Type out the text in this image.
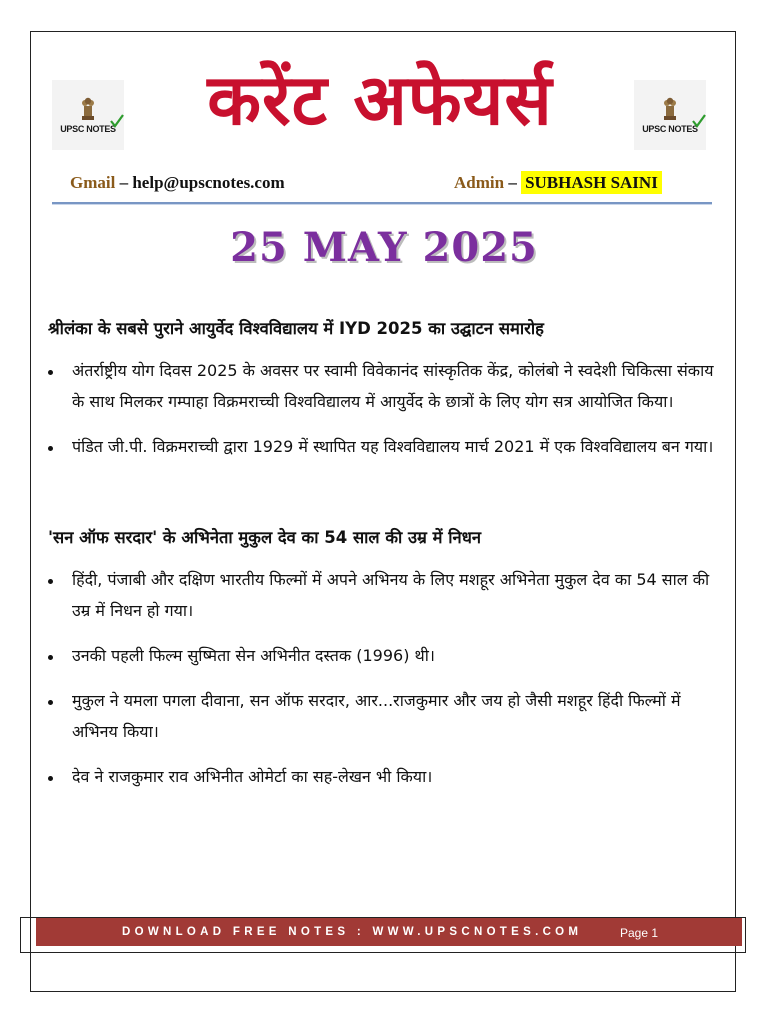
UPSC NOTES	करेंट अफेयर्स	UPSC NOTES
Gmail – help@upscnotes.com	Admin – SUBHASH SAINI
25 MAY 2025
श्रीलंका के सबसे पुराने आयुर्वेद विश्वविद्यालय में IYD 2025 का उद्घाटन समारोह
अंतर्राष्ट्रीय योग दिवस 2025 के अवसर पर स्वामी विवेकानंद सांस्कृतिक केंद्र, कोलंबो ने स्वदेशी चिकित्सा संकाय के साथ मिलकर गम्पाहा विक्रमराच्ची विश्वविद्यालय में आयुर्वेद के छात्रों के लिए योग सत्र आयोजित किया।
पंडित जी.पी. विक्रमराच्ची द्वारा 1929 में स्थापित यह विश्वविद्यालय मार्च 2021 में एक विश्वविद्यालय बन गया।
'सन ऑफ सरदार' के अभिनेता मुकुल देव का 54 साल की उम्र में निधन
हिंदी, पंजाबी और दक्षिण भारतीय फिल्मों में अपने अभिनय के लिए मशहूर अभिनेता मुकुल देव का 54 साल की उम्र में निधन हो गया।
उनकी पहली फिल्म सुष्मिता सेन अभिनीत दस्तक (1996) थी।
मुकुल ने यमला पगला दीवाना, सन ऑफ सरदार, आर...राजकुमार और जय हो जैसी मशहूर हिंदी फिल्मों में अभिनय किया।
देव ने राजकुमार राव अभिनीत ओमेर्टा का सह-लेखन भी किया।
DOWNLOAD FREE NOTES : WWW.UPSCNOTES.COM	Page 1
